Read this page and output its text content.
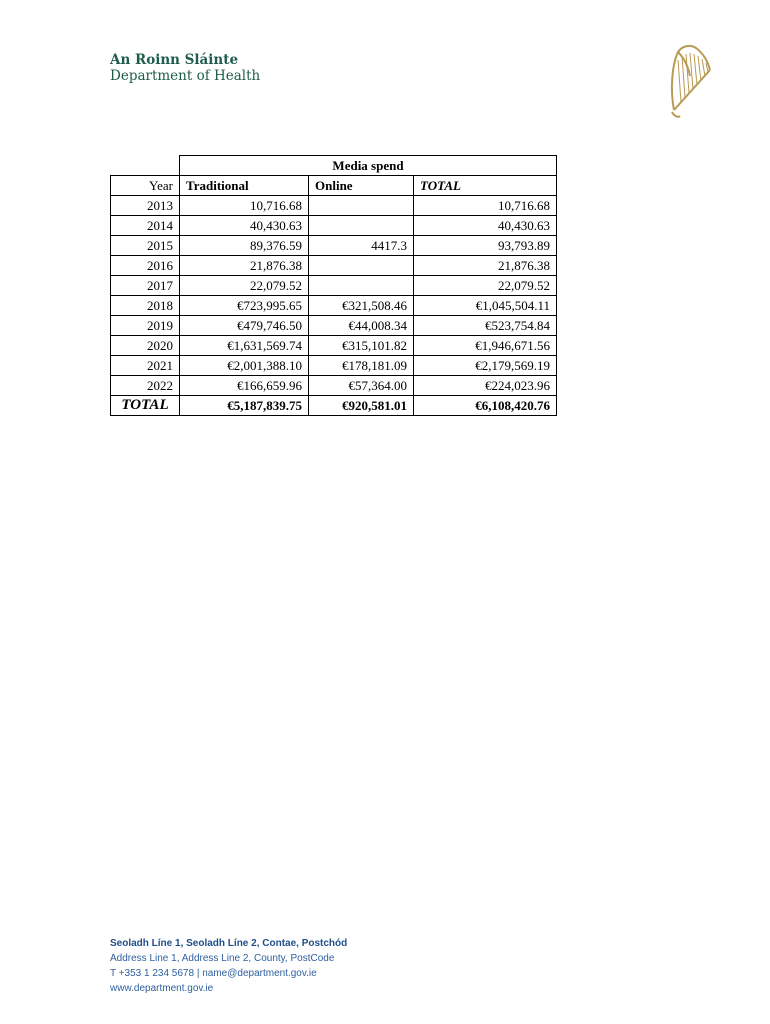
An Roinn Sláinte
Department of Health
	Media spend		
Year	Traditional	Online	TOTAL
2013	10,716.68		10,716.68
2014	40,430.63		40,430.63
2015	89,376.59	4417.3	93,793.89
2016	21,876.38		21,876.38
2017	22,079.52		22,079.52
2018	€723,995.65	€321,508.46	€1,045,504.11
2019	€479,746.50	€44,008.34	€523,754.84
2020	€1,631,569.74	€315,101.82	€1,946,671.56
2021	€2,001,388.10	€178,181.09	€2,179,569.19
2022	€166,659.96	€57,364.00	€224,023.96
TOTAL	€5,187,839.75	€920,581.01	€6,108,420.76
Seoladh Líne 1, Seoladh Líne 2, Contae, Postchód
Address Line 1, Address Line 2, County, PostCode
T +353 1 234 5678 | name@department.gov.ie
www.department.gov.ie
